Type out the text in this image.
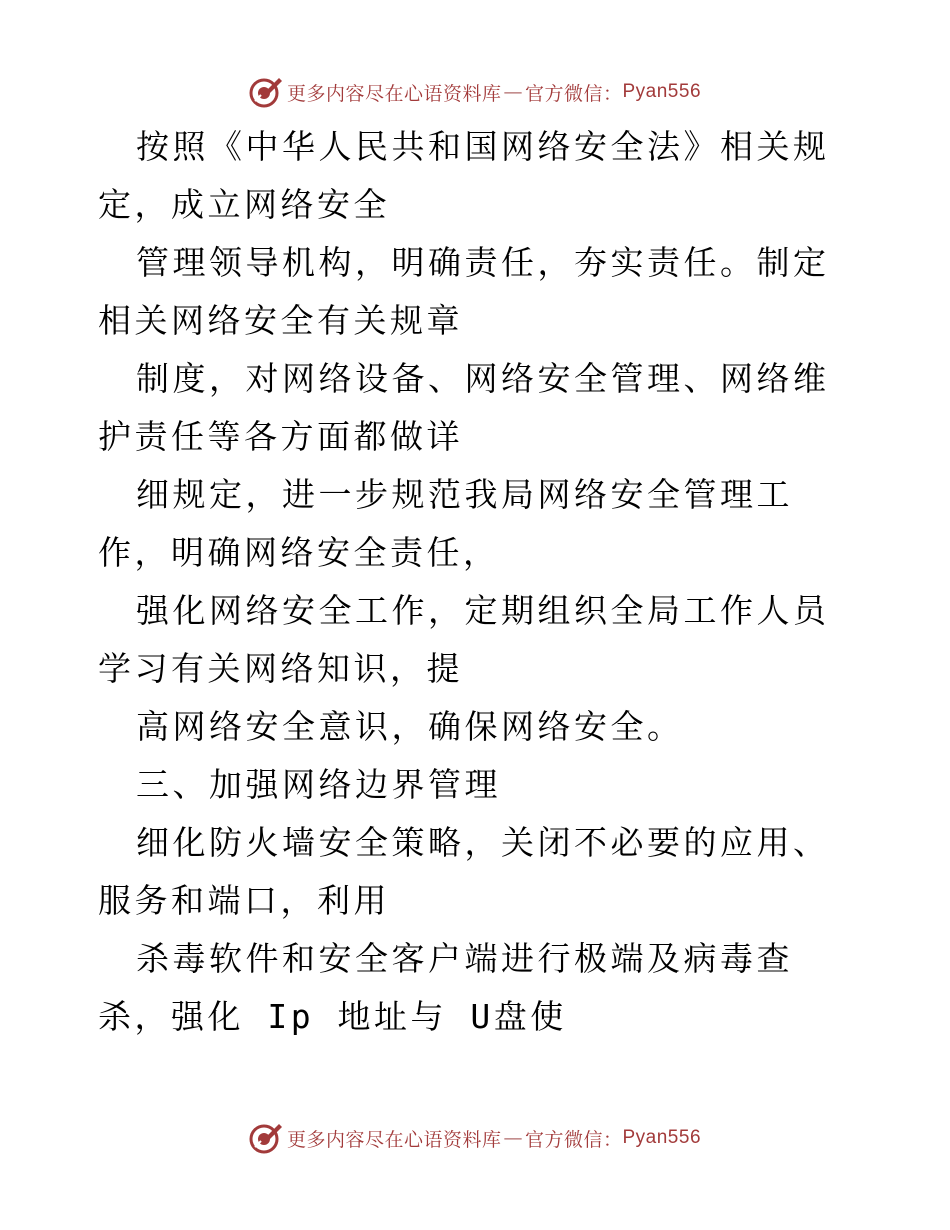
更多内容尽在心语资料库 — 官方微信： Pyan556

按照《中华人民共和国网络安全法》相关规定，成立网络安全

管理领导机构，明确责任，夯实责任。制定相关网络安全有关规章

制度，对网络设备、网络安全管理、网络维护责任等各方面都做详

细规定，进一步规范我局网络安全管理工作，明确网络安全责任，

强化网络安全工作，定期组织全局工作人员学习有关网络知识，提

高网络安全意识，确保网络安全。

三、加强网络边界管理

细化防火墙安全策略，关闭不必要的应用、服务和端口，利用

杀毒软件和安全客户端进行极端及病毒查杀，强化 Ip 地址与 U盘使

更多内容尽在心语资料库 — 官方微信： Pyan556
